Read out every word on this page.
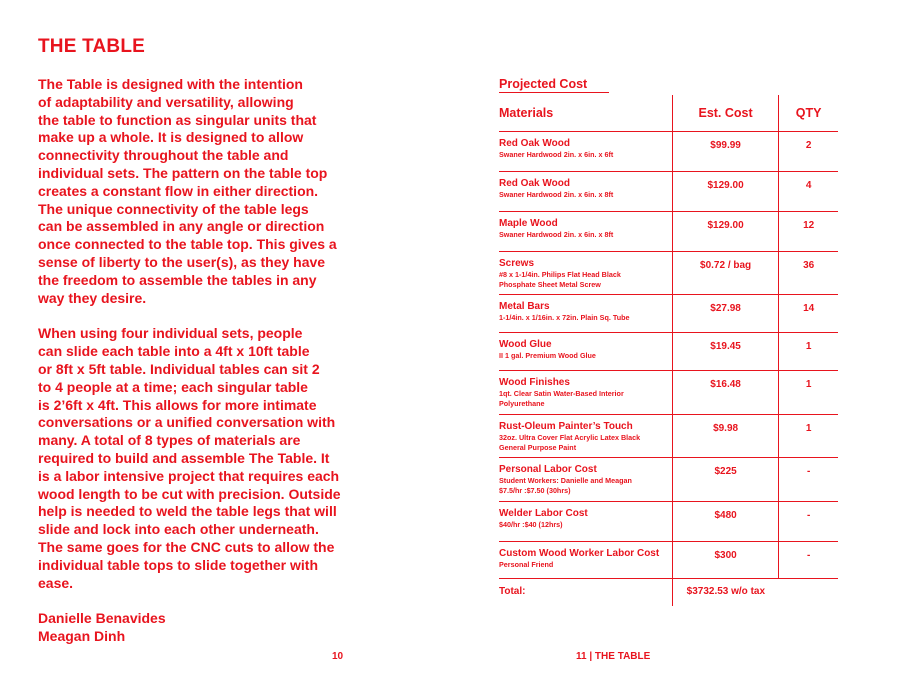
THE TABLE

The Table is designed with the intention
of adaptability and versatility, allowing
the table to function as singular units that
make up a whole. It is designed to allow
connectivity throughout the table and
individual sets. The pattern on the table top
creates a constant flow in either direction.
The unique connectivity of the table legs
can be assembled in any angle or direction
once connected to the table top. This gives a
sense of liberty to the user(s), as they have
the freedom to assemble the tables in any
way they desire.

When using four individual sets, people
can slide each table into a 4ft x 10ft table
or 8ft x 5ft table. Individual tables can sit 2
to 4 people at a time; each singular table
is 2’6ft x 4ft. This allows for more intimate
conversations or a unified conversation with
many. A total of 8 types of materials are
required to build and assemble The Table. It
is a labor intensive project that requires each
wood length to be cut with precision. Outside
help is needed to weld the table legs that will
slide and lock into each other underneath.
The same goes for the CNC cuts to allow the
individual table tops to slide together with
ease.

Danielle Benavides
Meagan Dinh
Projected Cost
Materials	Est. Cost	QTY

Red Oak Wood
Swaner Hardwood 2in. x 6in. x 6ft	$99.99	2

Red Oak Wood
Swaner Hardwood 2in. x 6in. x 8ft	$129.00	4

Maple Wood
Swaner Hardwood 2in. x 6in. x 8ft	$129.00	12

Screws
#8 x 1-1/4in. Philips Flat Head Black
Phosphate Sheet Metal Screw	$0.72 / bag	36

Metal Bars
1-1/4in. x 1/16in. x 72in. Plain Sq. Tube	$27.98	14

Wood Glue
II 1 gal. Premium Wood Glue	$19.45	1

Wood Finishes
1qt. Clear Satin Water-Based Interior
Polyurethane	$16.48	1

Rust-Oleum Painter’s Touch
32oz. Ultra Cover Flat Acrylic Latex Black
General Purpose Paint	$9.98	1

Personal Labor Cost
Student Workers: Danielle and Meagan
$7.5/hr :$7.50 (30hrs)	$225	-

Welder Labor Cost
$40/hr :$40 (12hrs)	$480	-

Custom Wood Worker Labor Cost
Personal Friend	$300	-
Total:	$3732.53 w/o tax	
10	11 | THE TABLE
